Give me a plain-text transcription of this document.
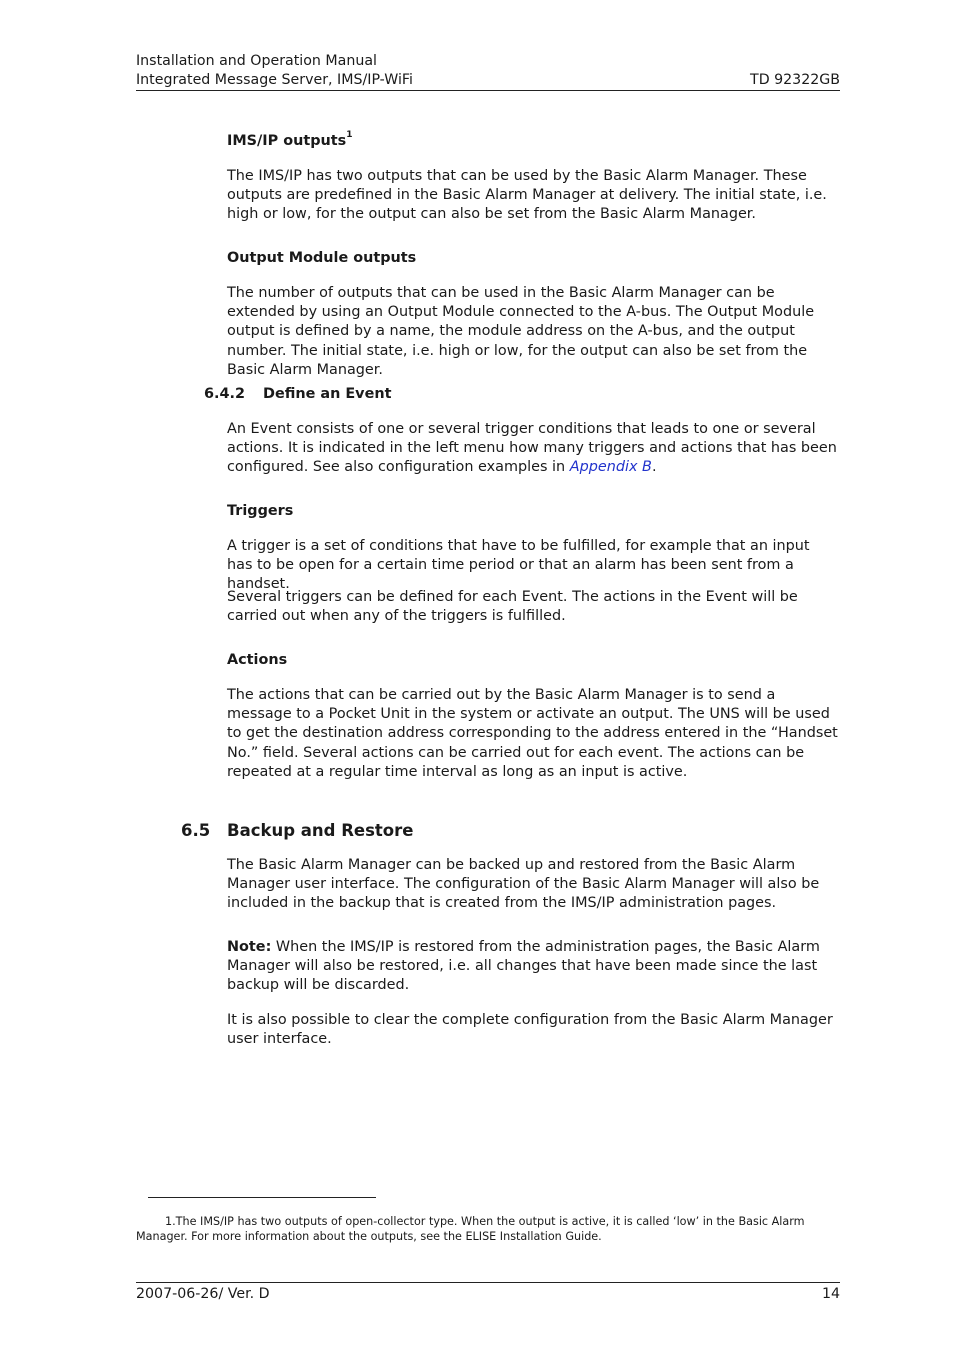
Installation and Operation Manual
Integrated Message Server, IMS/IP-WiFi	TD 92322GB
IMS/IP outputs$^1$

The IMS/IP has two outputs that can be used by the Basic Alarm Manager. These outputs are predefined in the Basic Alarm Manager at delivery. The initial state, i.e. high or low, for the output can also be set from the Basic Alarm Manager.

Output Module outputs

The number of outputs that can be used in the Basic Alarm Manager can be extended by using an Output Module connected to the A-bus. The Output Module output is defined by a name, the module address on the A-bus, and the output number. The initial state, i.e. high or low, for the output can also be set from the Basic Alarm Manager.

6.4.2 Define an Event

An Event consists of one or several trigger conditions that leads to one or several actions. It is indicated in the left menu how many triggers and actions that has been configured. See also configuration examples in Appendix B.

Triggers

A trigger is a set of conditions that have to be fulfilled, for example that an input has to be open for a certain time period or that an alarm has been sent from a handset.

Several triggers can be defined for each Event. The actions in the Event will be carried out when any of the triggers is fulfilled.

Actions

The actions that can be carried out by the Basic Alarm Manager is to send a message to a Pocket Unit in the system or activate an output. The UNS will be used to get the destination address corresponding to the address entered in the “Handset No.” field. Several actions can be carried out for each event. The actions can be repeated at a regular time interval as long as an input is active.

6.5 Backup and Restore

The Basic Alarm Manager can be backed up and restored from the Basic Alarm Manager user interface. The configuration of the Basic Alarm Manager will also be included in the backup that is created from the IMS/IP administration pages.

Note: When the IMS/IP is restored from the administration pages, the Basic Alarm Manager will also be restored, i.e. all changes that have been made since the last backup will be discarded.

It is also possible to clear the complete configuration from the Basic Alarm Manager user interface.

1.The IMS/IP has two outputs of open-collector type. When the output is active, it is called ‘low’ in the Basic Alarm Manager. For more information about the outputs, see the ELISE Installation Guide.

2007-06-26/ Ver. D	14
